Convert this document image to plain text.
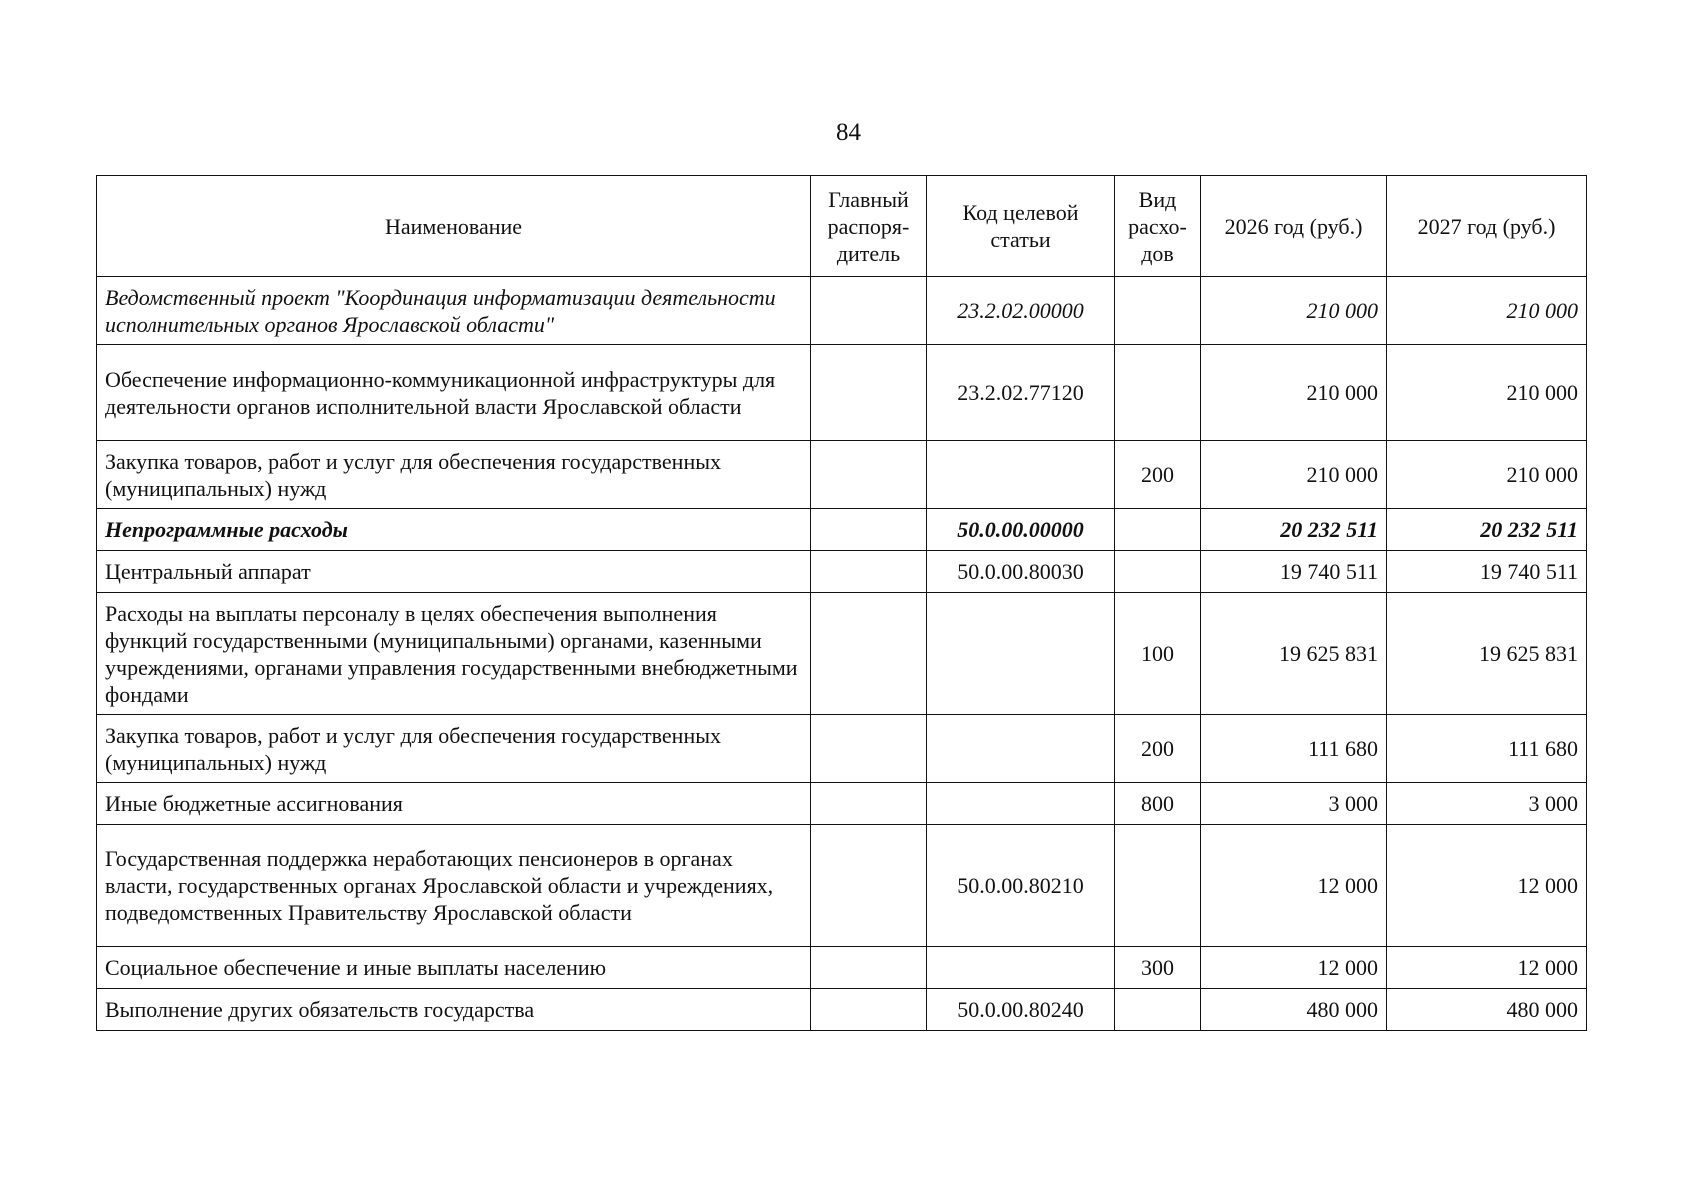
84
Наименование	Главный распоря-дитель	Код целевой статьи	Вид расхо-дов	2026 год (руб.)	2027 год (руб.)
Ведомственный проект "Координация информатизации деятельности исполнительных органов Ярославской области"		23.2.02.00000		210 000	210 000
Обеспечение информационно-коммуникационной инфраструктуры для деятельности органов исполнительной власти Ярославской области		23.2.02.77120		210 000	210 000
Закупка товаров, работ и услуг для обеспечения государственных (муниципальных) нужд			200	210 000	210 000
Непрограммные расходы		50.0.00.00000		20 232 511	20 232 511
Центральный аппарат		50.0.00.80030		19 740 511	19 740 511
Расходы на выплаты персоналу в целях обеспечения выполнения функций государственными (муниципальными) органами, казенными учреждениями, органами управления государственными внебюджетными фондами			100	19 625 831	19 625 831
Закупка товаров, работ и услуг для обеспечения государственных (муниципальных) нужд			200	111 680	111 680
Иные бюджетные ассигнования			800	3 000	3 000
Государственная поддержка неработающих пенсионеров в органах власти, государственных органах Ярославской области и учреждениях, подведомственных Правительству Ярославской области		50.0.00.80210		12 000	12 000
Социальное обеспечение и иные выплаты населению			300	12 000	12 000
Выполнение других обязательств государства		50.0.00.80240		480 000	480 000
